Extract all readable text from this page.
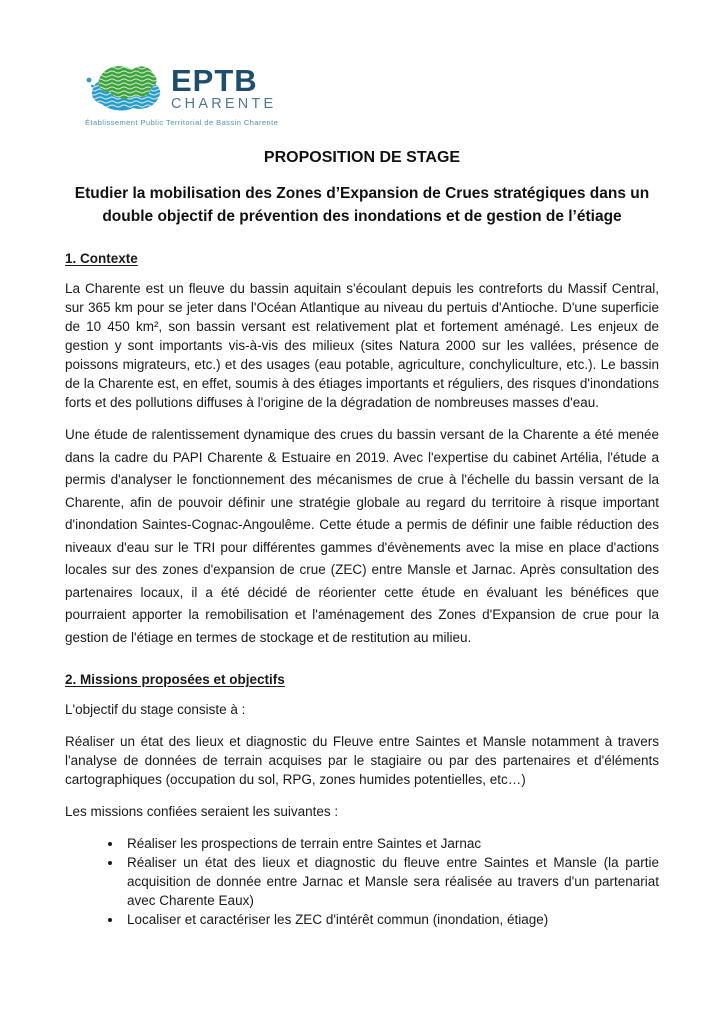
EPTB
CHARENTE
Établissement Public Territorial de Bassin Charente
PROPOSITION DE STAGE
Etudier la mobilisation des Zones d’Expansion de Crues stratégiques dans un double objectif de prévention des inondations et de gestion de l’étiage
1. Contexte

La Charente est un fleuve du bassin aquitain s'écoulant depuis les contreforts du Massif Central, sur 365 km pour se jeter dans l'Océan Atlantique au niveau du pertuis d'Antioche. D'une superficie de 10 450 km², son bassin versant est relativement plat et fortement aménagé. Les enjeux de gestion y sont importants vis-à-vis des milieux (sites Natura 2000 sur les vallées, présence de poissons migrateurs, etc.) et des usages (eau potable, agriculture, conchyliculture, etc.). Le bassin de la Charente est, en effet, soumis à des étiages importants et réguliers, des risques d'inondations forts et des pollutions diffuses à l'origine de la dégradation de nombreuses masses d'eau.

Une étude de ralentissement dynamique des crues du bassin versant de la Charente a été menée dans la cadre du PAPI Charente & Estuaire en 2019. Avec l'expertise du cabinet Artélia, l'étude a permis d'analyser le fonctionnement des mécanismes de crue à l'échelle du bassin versant de la Charente, afin de pouvoir définir une stratégie globale au regard du territoire à risque important d'inondation Saintes-Cognac-Angoulême. Cette étude a permis de définir une faible réduction des niveaux d'eau sur le TRI pour différentes gammes d'évènements avec la mise en place d'actions locales sur des zones d'expansion de crue (ZEC) entre Mansle et Jarnac. Après consultation des partenaires locaux, il a été décidé de réorienter cette étude en évaluant les bénéfices que pourraient apporter la remobilisation et l'aménagement des Zones d'Expansion de crue pour la gestion de l'étiage en termes de stockage et de restitution au milieu.

2. Missions proposées et objectifs

L'objectif du stage consiste à :

Réaliser un état des lieux et diagnostic du Fleuve entre Saintes et Mansle notamment à travers l'analyse de données de terrain acquises par le stagiaire ou par des partenaires et d'éléments cartographiques (occupation du sol, RPG, zones humides potentielles, etc…)

Les missions confiées seraient les suivantes :

• Réaliser les prospections de terrain entre Saintes et Jarnac
• Réaliser un état des lieux et diagnostic du fleuve entre Saintes et Mansle (la partie acquisition de donnée entre Jarnac et Mansle sera réalisée au travers d'un partenariat avec Charente Eaux)
• Localiser et caractériser les ZEC d'intérêt commun (inondation, étiage)
